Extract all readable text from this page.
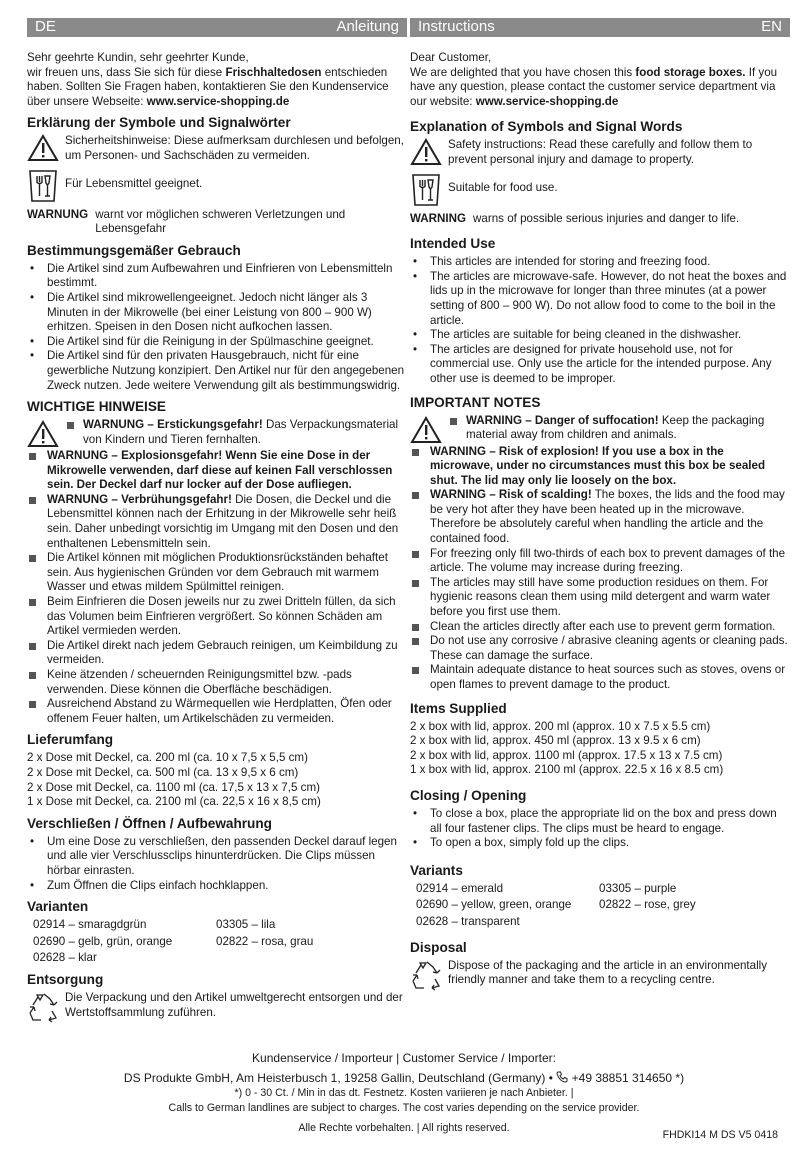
DE	Anleitung

Sehr geehrte Kundin, sehr geehrter Kunde,
wir freuen uns, dass Sie sich für diese Frischhaltedosen entschieden haben. Sollten Sie Fragen haben, kontaktieren Sie den Kundenservice über unsere Webseite: www.service-shopping.de

Erklärung der Symbole und Signalwörter
Sicherheitshinweise: Diese aufmerksam durchlesen und befolgen, um Personen- und Sachschäden zu vermeiden.
Für Lebensmittel geeignet.
WARNUNG warnt vor möglichen schweren Verletzungen und Lebensgefahr
Bestimmungsgemäßer Gebrauch
• Die Artikel sind zum Aufbewahren und Einfrieren von Lebensmitteln bestimmt.
• Die Artikel sind mikrowellengeeignet. Jedoch nicht länger als 3 Minuten in der Mikrowelle (bei einer Leistung von 800 – 900 W) erhitzen. Speisen in den Dosen nicht aufkochen lassen.
• Die Artikel sind für die Reinigung in der Spülmaschine geeignet.
• Die Artikel sind für den privaten Hausgebrauch, nicht für eine gewerbliche Nutzung konzipiert. Den Artikel nur für den angegebenen Zweck nutzen. Jede weitere Verwendung gilt als bestimmungswidrig.
WICHTIGE HINWEISE
WARNUNG – Erstickungsgefahr! Das Verpackungsmaterial von Kindern und Tieren fernhalten.
WARNUNG – Explosionsgefahr! Wenn Sie eine Dose in der Mikrowelle verwenden, darf diese auf keinen Fall verschlossen sein. Der Deckel darf nur locker auf der Dose aufliegen.
WARNUNG – Verbrühungsgefahr! Die Dosen, die Deckel und die Lebensmittel können nach der Erhitzung in der Mikrowelle sehr heiß sein. Daher unbedingt vorsichtig im Umgang mit den Dosen und den enthaltenen Lebensmitteln sein.
Die Artikel können mit möglichen Produktionsrückständen behaftet sein. Aus hygienischen Gründen vor dem Gebrauch mit warmem Wasser und etwas mildem Spülmittel reinigen.
Beim Einfrieren die Dosen jeweils nur zu zwei Dritteln füllen, da sich das Volumen beim Einfrieren vergrößert. So können Schäden am Artikel vermieden werden.
Die Artikel direkt nach jedem Gebrauch reinigen, um Keimbildung zu vermeiden.
Keine ätzenden / scheuernden Reinigungsmittel bzw. -pads verwenden. Diese können die Oberfläche beschädigen.
Ausreichend Abstand zu Wärmequellen wie Herdplatten, Öfen oder offenem Feuer halten, um Artikelschäden zu vermeiden.
Lieferumfang

2 x Dose mit Deckel, ca. 200 ml (ca. 10 x 7,5 x 5,5 cm)

2 x Dose mit Deckel, ca. 500 ml (ca. 13 x 9,5 x 6 cm)

2 x Dose mit Deckel, ca. 1100 ml (ca. 17,5 x 13 x 7,5 cm)

1 x Dose mit Deckel, ca. 2100 ml (ca. 22,5 x 16 x 8,5 cm)

Verschließen / Öffnen / Aufbewahrung
• Um eine Dose zu verschließen, den passenden Deckel darauf legen und alle vier Verschlussclips hinunterdrücken. Die Clips müssen hörbar einrasten.
• Zum Öffnen die Clips einfach hochklappen.
Varianten
02914 – smaragdgrün	03305 – lila
02690 – gelb, grün, orange	02822 – rosa, grau
02628 – klar
Entsorgung
Die Verpackung und den Artikel umweltgerecht entsorgen und der Wertstoffsammlung zuführen.
Instructions	EN

Dear Customer,
We are delighted that you have chosen this food storage boxes. If you have any question, please contact the customer service department via our website: www.service-shopping.de

Explanation of Symbols and Signal Words
Safety instructions: Read these carefully and follow them to prevent personal injury and damage to property.
Suitable for food use.
WARNING warns of possible serious injuries and danger to life.
Intended Use
• This articles are intended for storing and freezing food.
• The articles are microwave-safe. However, do not heat the boxes and lids up in the microwave for longer than three minutes (at a power setting of 800 – 900 W). Do not allow food to come to the boil in the article.
• The articles are suitable for being cleaned in the dishwasher.
• The articles are designed for private household use, not for commercial use. Only use the article for the intended purpose. Any other use is deemed to be improper.
IMPORTANT NOTES
WARNING – Danger of suffocation! Keep the packaging material away from children and animals.
WARNING – Risk of explosion! If you use a box in the microwave, under no circumstances must this box be sealed shut. The lid may only lie loosely on the box.
WARNING – Risk of scalding! The boxes, the lids and the food may be very hot after they have been heated up in the microwave. Therefore be absolutely careful when handling the article and the contained food.
For freezing only fill two-thirds of each box to prevent damages of the article. The volume may increase during freezing.
The articles may still have some production residues on them. For hygienic reasons clean them using mild detergent and warm water before you first use them.
Clean the articles directly after each use to prevent germ formation.
Do not use any corrosive / abrasive cleaning agents or cleaning pads. These can damage the surface.
Maintain adequate distance to heat sources such as stoves, ovens or open flames to prevent damage to the product.
Items Supplied

2 x box with lid, approx. 200 ml (approx. 10 x 7.5 x 5.5 cm)

2 x box with lid, approx. 450 ml (approx. 13 x 9.5 x 6 cm)

2 x box with lid, approx. 1100 ml (approx. 17.5 x 13 x 7.5 cm)

1 x box with lid, approx. 2100 ml (approx. 22.5 x 16 x 8.5 cm)

Closing / Opening
• To close a box, place the appropriate lid on the box and press down all four fastener clips. The clips must be heard to engage.
• To open a box, simply fold up the clips.
Variants
02914 – emerald	03305 – purple
02690 – yellow, green, orange	02822 – rose, grey
02628 – transparent
Disposal
Dispose of the packaging and the article in an environmentally friendly manner and take them to a recycling centre.
Kundenservice / Importeur | Customer Service / Importer:
DS Produkte GmbH, Am Heisterbusch 1, 19258 Gallin, Deutschland (Germany) •  +49 38851 314650 *)
*) 0 - 30 Ct. / Min in das dt. Festnetz. Kosten variieren je nach Anbieter. |
Calls to German landlines are subject to charges. The cost varies depending on the service provider.
Alle Rechte vorbehalten. | All rights reserved.
FHDKI14 M DS V5 0418
